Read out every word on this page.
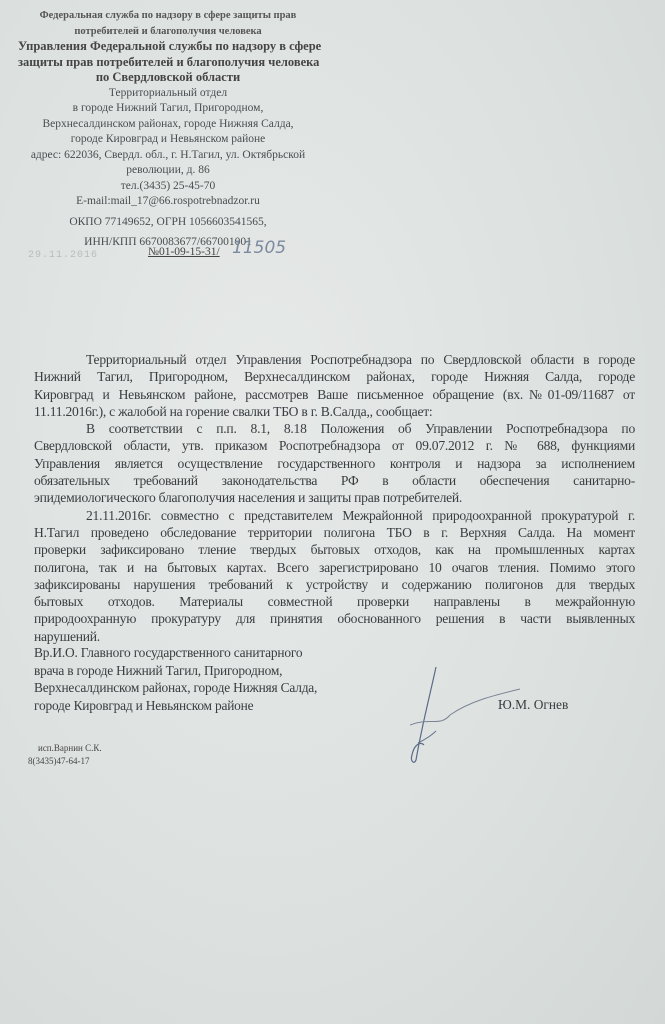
Федеральная служба по надзору в сфере защиты прав
потребителей и благополучия человека
Управления Федеральной службы по надзору в сфере
защиты прав потребителей и благополучия человека
по Свердловской области
Территориальный отдел
в городе Нижний Тагил, Пригородном,
Верхнесалдинском районах, городе Нижняя Салда,
городе Кировград и Невьянском районе
адрес: 622036, Свердл. обл., г. Н.Тагил, ул. Октябрьской
революции, д. 86
тел.(3435) 25-45-70
E-mail:mail_17@66.rospotrebnadzor.ru
ОКПО 77149652, ОГРН 1056603541565,
ИНН/КПП 6670083677/667001001
29.11.2016	№01-09-15-31/ 11505
Территориальный отдел Управления Роспотребнадзора по Свердловской области в городе
Нижний Тагил, Пригородном, Верхнесалдинском районах, городе Нижняя Салда, городе
Кировград и Невьянском районе, рассмотрев Ваше письменное обращение (вх.№01-09/11687 от
11.11.2016г.), с жалобой на горение свалки ТБО в г. В.Салда,, сообщает:
В соответствии с п.п. 8.1, 8.18 Положения об Управлении Роспотребнадзора по
Свердловской области, утв. приказом Роспотребнадзора от 09.07.2012 г. № 688, функциями
Управления является осуществление государственного контроля и надзора за исполнением
обязательных требований законодательства РФ в области обеспечения санитарно-
эпидемиологического благополучия населения и защиты прав потребителей.
21.11.2016г. совместно с представителем Межрайонной природоохранной прокуратурой г.
Н.Тагил проведено обследование территории полигона ТБО в г. Верхняя Салда. На момент
проверки зафиксировано тление твердых бытовых отходов, как на промышленных картах
полигона, так и на бытовых картах. Всего зарегистрировано 10 очагов тления. Помимо этого
зафиксированы нарушения требований к устройству и содержанию полигонов для твердых
бытовых отходов. Материалы совместной проверки направлены в межрайонную
природоохранную прокуратуру для принятия обоснованного решения в части выявленных
нарушений.
Вр.И.О. Главного государственного санитарного
врача в городе Нижний Тагил, Пригородном,
Верхнесалдинском районах, городе Нижняя Салда,
городе Кировград и Невьянском районе	Ю.М. Огнев
исп.Варнин С.К.
8(3435)47-64-17
